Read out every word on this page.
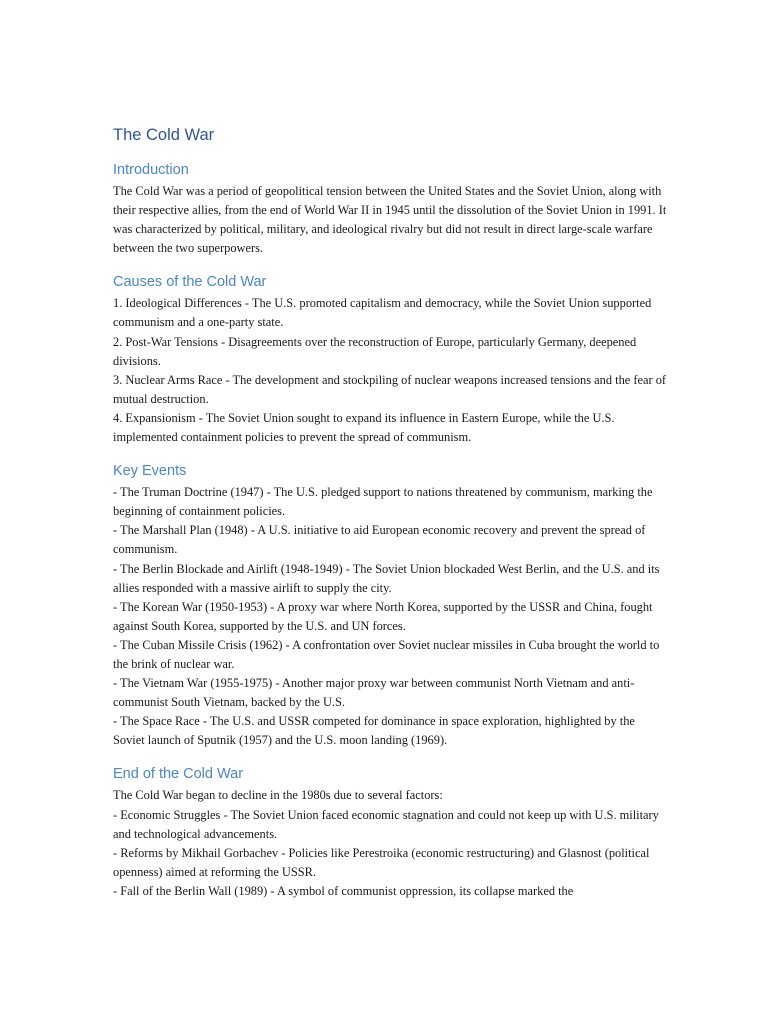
The Cold War
Introduction

The Cold War was a period of geopolitical tension between the United States and the Soviet Union, along with their respective allies, from the end of World War II in 1945 until the dissolution of the Soviet Union in 1991. It was characterized by political, military, and ideological rivalry but did not result in direct large-scale warfare between the two superpowers.

Causes of the Cold War

1. Ideological Differences - The U.S. promoted capitalism and democracy, while the Soviet Union supported communism and a one-party state.

2. Post-War Tensions - Disagreements over the reconstruction of Europe, particularly Germany, deepened divisions.

3. Nuclear Arms Race - The development and stockpiling of nuclear weapons increased tensions and the fear of mutual destruction.

4. Expansionism - The Soviet Union sought to expand its influence in Eastern Europe, while the U.S. implemented containment policies to prevent the spread of communism.

Key Events

- The Truman Doctrine (1947) - The U.S. pledged support to nations threatened by communism, marking the beginning of containment policies.

- The Marshall Plan (1948) - A U.S. initiative to aid European economic recovery and prevent the spread of communism.

- The Berlin Blockade and Airlift (1948-1949) - The Soviet Union blockaded West Berlin, and the U.S. and its allies responded with a massive airlift to supply the city.

- The Korean War (1950-1953) - A proxy war where North Korea, supported by the USSR and China, fought against South Korea, supported by the U.S. and UN forces.

- The Cuban Missile Crisis (1962) - A confrontation over Soviet nuclear missiles in Cuba brought the world to the brink of nuclear war.

- The Vietnam War (1955-1975) - Another major proxy war between communist North Vietnam and anti-communist South Vietnam, backed by the U.S.

- The Space Race - The U.S. and USSR competed for dominance in space exploration, highlighted by the Soviet launch of Sputnik (1957) and the U.S. moon landing (1969).

End of the Cold War

The Cold War began to decline in the 1980s due to several factors:

- Economic Struggles - The Soviet Union faced economic stagnation and could not keep up with U.S. military and technological advancements.

- Reforms by Mikhail Gorbachev - Policies like Perestroika (economic restructuring) and Glasnost (political openness) aimed at reforming the USSR.

- Fall of the Berlin Wall (1989) - A symbol of communist oppression, its collapse marked the
